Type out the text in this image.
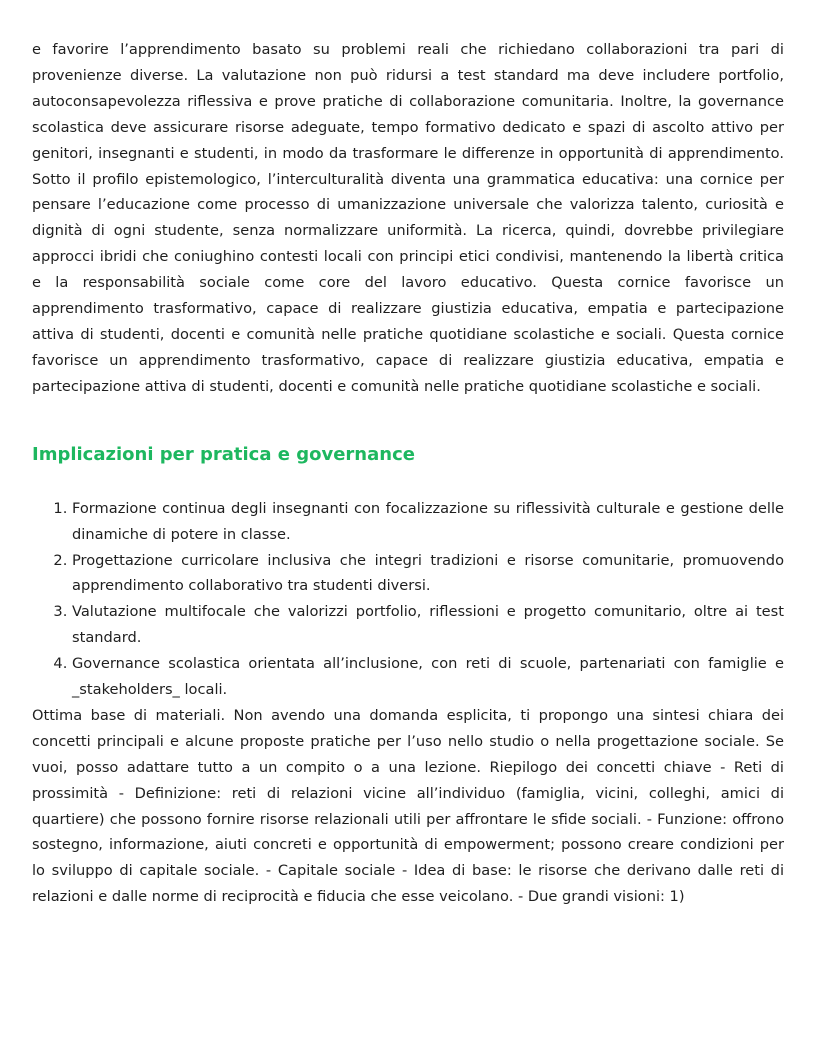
e favorire l’apprendimento basato su problemi reali che richiedano collaborazioni tra pari di provenienze diverse. La valutazione non può ridursi a test standard ma deve includere portfolio, autoconsapevolezza riflessiva e prove pratiche di collaborazione comunitaria. Inoltre, la governance scolastica deve assicurare risorse adeguate, tempo formativo dedicato e spazi di ascolto attivo per genitori, insegnanti e studenti, in modo da trasformare le differenze in opportunità di apprendimento. Sotto il profilo epistemologico, l’interculturalità diventa una grammatica educativa: una cornice per pensare l’educazione come processo di umanizzazione universale che valorizza talento, curiosità e dignità di ogni studente, senza normalizzare uniformità. La ricerca, quindi, dovrebbe privilegiare approcci ibridi che coniughino contesti locali con principi etici condivisi, mantenendo la libertà critica e la responsabilità sociale come core del lavoro educativo. Questa cornice favorisce un apprendimento trasformativo, capace di realizzare giustizia educativa, empatia e partecipazione attiva di studenti, docenti e comunità nelle pratiche quotidiane scolastiche e sociali. Questa cornice favorisce un apprendimento trasformativo, capace di realizzare giustizia educativa, empatia e partecipazione attiva di studenti, docenti e comunità nelle pratiche quotidiane scolastiche e sociali.

Implicazioni per pratica e governance
1. Formazione continua degli insegnanti con focalizzazione su riflessività culturale e gestione delle dinamiche di potere in classe.
2. Progettazione curricolare inclusiva che integri tradizioni e risorse comunitarie, promuovendo apprendimento collaborativo tra studenti diversi.
3. Valutazione multifocale che valorizzi portfolio, riflessioni e progetto comunitario, oltre ai test standard.
4. Governance scolastica orientata all’inclusione, con reti di scuole, partenariati con famiglie e _stakeholders_ locali.

Ottima base di materiali. Non avendo una domanda esplicita, ti propongo una sintesi chiara dei concetti principali e alcune proposte pratiche per l’uso nello studio o nella progettazione sociale. Se vuoi, posso adattare tutto a un compito o a una lezione. Riepilogo dei concetti chiave - Reti di prossimità - Definizione: reti di relazioni vicine all’individuo (famiglia, vicini, colleghi, amici di quartiere) che possono fornire risorse relazionali utili per affrontare le sfide sociali. - Funzione: offrono sostegno, informazione, aiuti concreti e opportunità di empowerment; possono creare condizioni per lo sviluppo di capitale sociale. - Capitale sociale - Idea di base: le risorse che derivano dalle reti di relazioni e dalle norme di reciprocità e fiducia che esse veicolano. - Due grandi visioni: 1)
